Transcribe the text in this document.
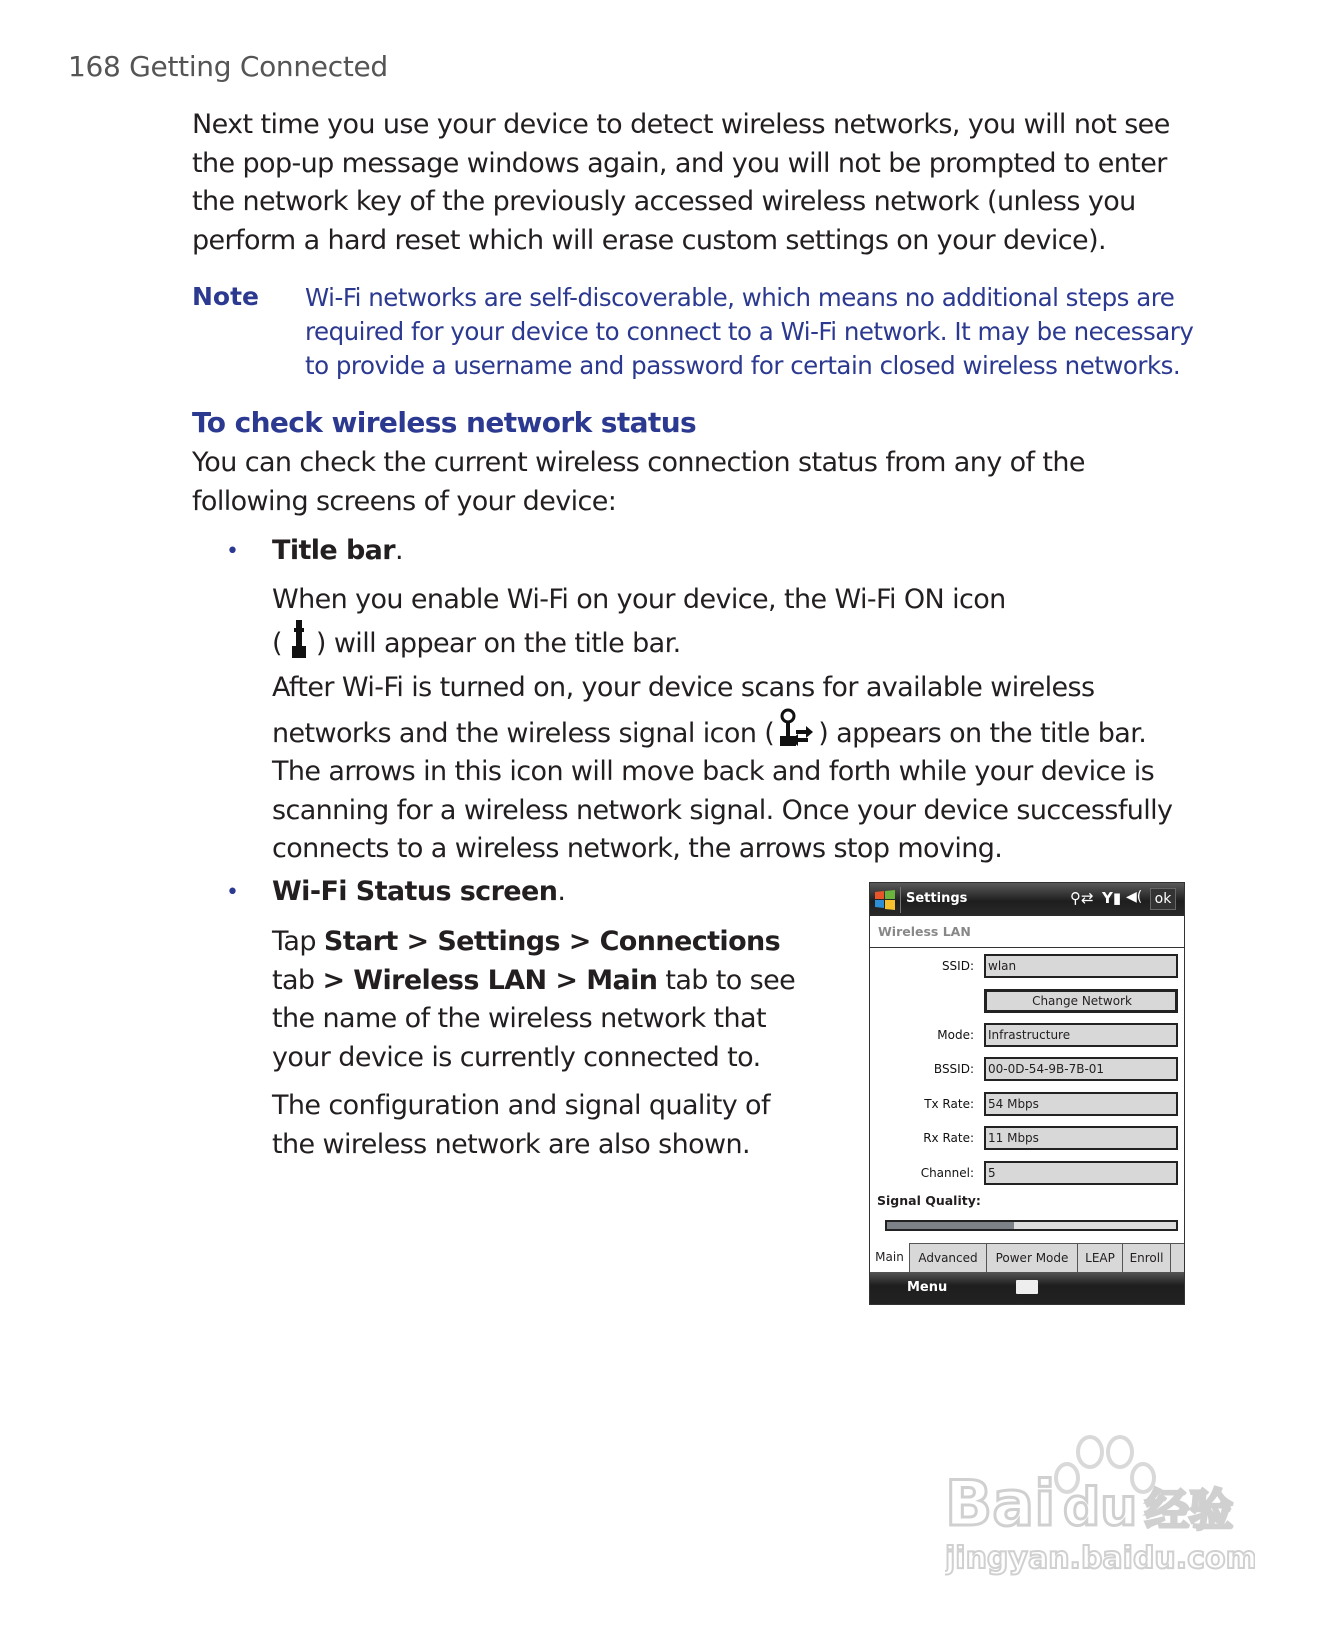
168 Getting Connected
Next time you use your device to detect wireless networks, you will not see
the pop-up message windows again, and you will not be prompted to enter
the network key of the previously accessed wireless network (unless you
perform a hard reset which will erase custom settings on your device).
Note Wi-Fi networks are self-discoverable, which means no additional steps are
required for your device to connect to a Wi-Fi network. It may be necessary
to provide a username and password for certain closed wireless networks.
To check wireless network status
You can check the current wireless connection status from any of the
following screens of your device:
• Title bar.
When you enable Wi-Fi on your device, the Wi-Fi ON icon
( ) will appear on the title bar.
After Wi-Fi is turned on, your device scans for available wireless
networks and the wireless signal icon ( ) appears on the title bar.
The arrows in this icon will move back and forth while your device is
scanning for a wireless network signal. Once your device successfully
connects to a wireless network, the arrows stop moving.
• Wi-Fi Status screen.
Tap Start > Settings > Connections
tab > Wireless LAN > Main tab to see
the name of the wireless network that
your device is currently connected to.
The configuration and signal quality of
the wireless network are also shown.
Settings	⚲⇄ Y▮ ◀( ok
Wireless LAN
SSID:	wlan
Change Network
Mode:	Infrastructure
BSSID:	00-0D-54-9B-7B-01
Tx Rate:	54 Mbps
Rx Rate:	11 Mbps
Channel:	5
Signal Quality:
Main	Advanced	Power Mode	LEAP	Enroll
Menu
Bai du 经验
jingyan.baidu.com
